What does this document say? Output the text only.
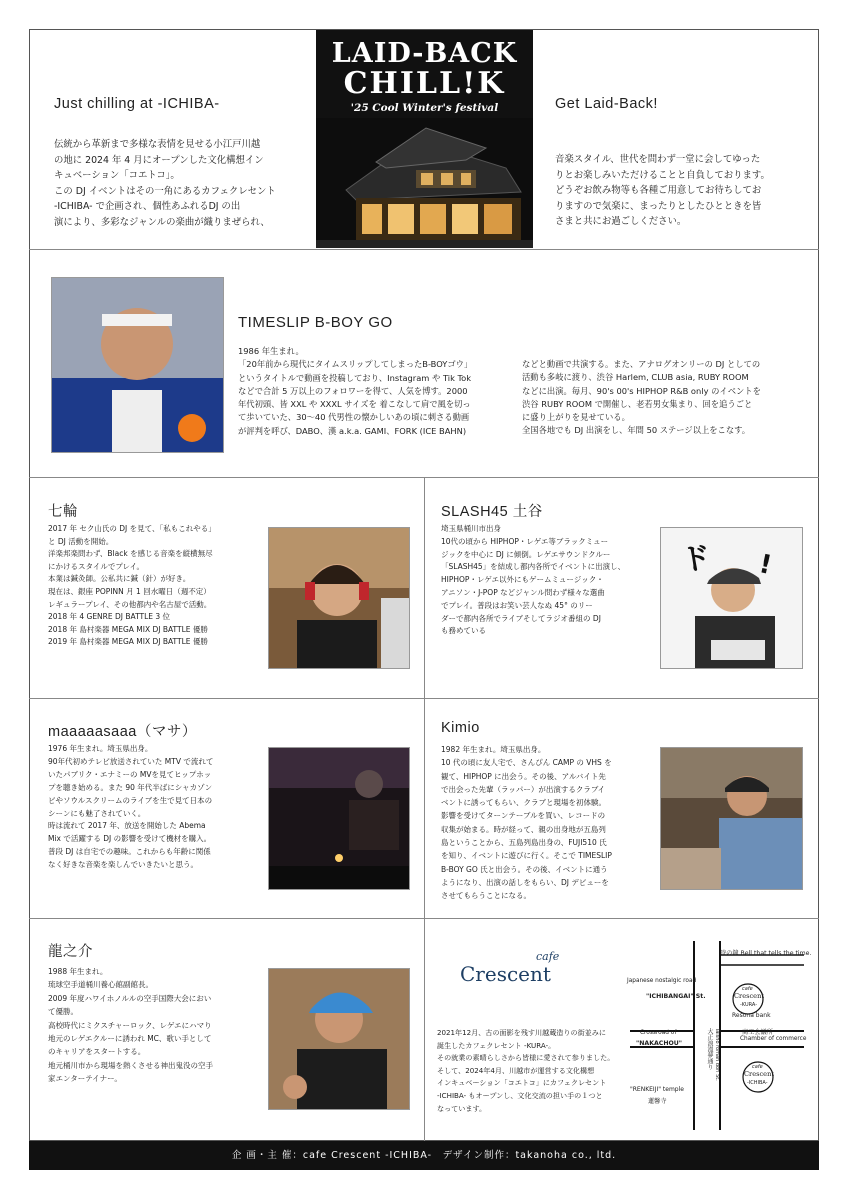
Just chilling at -ICHIBA-
伝統から革新まで多様な表情を見せる小江戸川越
の地に 2024 年 4 月にオープンした文化構想イン
キュベーション「コエトコ」。
この DJ イベントはその一角にあるカフェクレセント
-ICHIBA- で企画され、個性あふれるDJ の出
演により、多彩なジャンルの楽曲が織りまぜられ、
LAID-BACK
CHILL!K
'25 Cool Winter's festival	Get Laid-Back!
音楽スタイル、世代を問わず一堂に会してゆった
りとお楽しみいただけることと自負しております。
どうぞお飲み物等も各種ご用意してお待ちしてお
りますので気楽に、まったりとしたひとときを皆
さまと共にお過ごしください。
TIMESLIP B-BOY GO
1986 年生まれ。
「20年前から現代にタイムスリップしてしまったB-BOYゴウ」
というタイトルで動画を投稿しており、Instagram や Tik Tok
などで合計 5 万以上のフォロワーを得て、人気を博す。2000
年代初頭、皆 XXL や XXXL サイズを 着こなして肩で風を切っ
て歩いていた、30〜40 代男性の懐かしいあの頃に刺さる動画
が評判を呼び、DABO、漢 a.k.a. GAMI、FORK (ICE BAHN)
などと動画で共演する。また、アナログオンリーの DJ としての
活動も多岐に渡り、渋谷 Harlem, CLUB asia, RUBY ROOM
などに出演。毎月、90's 00's HIPHOP R&B only のイベントを
渋谷 RUBY ROOM で開催し、老若男女集まり、回を追うごと
に盛り上がりを見せている。
全国各地でも DJ 出演をし、年間 50 ステージ以上をこなす。
七輪
2017 年 セク山氏の DJ を見て、「私もこれやる」
と DJ 活動を開始。
洋楽邦楽問わず、Black を感じる音楽を縦横無尽
にかけるスタイルでプレイ。
本業は鍼灸師。公私共に鍼（針）が好き。
現在は、銀座 POPINN 月 1 回水曜日（週不定）
レギュラープレイ、その他都内や名古屋で活動。
2018 年 4 GENRE DJ BATTLE 3 位
2018 年 島村楽器 MEGA MIX DJ BATTLE 優勝
2019 年 島村楽器 MEGA MIX DJ BATTLE 優勝
SLASH45 土谷
埼玉県桶川市出身
10代の頃から HIPHOP・レゲエ等ブラックミュー
ジックを中心に DJ に傾倒。レゲエサウンドクルー
「SLASH45」を結成し都内各所でイベントに出演し、
HIPHOP・レゲエ以外にもゲームミュージック・
アニソン・J-POP などジャンル問わず様々な選曲
でプレイ。普段はお笑い芸人なぬ 45° のリー
ダーで都内各所でライブそしてラジオ番組の DJ
も務めている
ド !
maaaaasaaa（マサ）
1976 年生まれ。埼玉県出身。
90年代初めテレビ放送されていた MTV で流れて
いたパブリク・エナミーの MVを見てヒップホッ
プを聴き始める。また 90 年代半ばにシャカゾン
ビやソウルスクリームのライブを生で見て日本の
シーンにも魅了されていく。
時は流れて 2017 年、放送を開始した Abema
Mix で活躍する DJ の影響を受けて機材を購入。
普段 DJ は自宅での趣味。これからも年齢に関係
なく好きな音楽を楽しんでいきたいと思う。
Kimio
1982 年生まれ。埼玉県出身。
10 代の頃に友人宅で、さんぴん CAMP の VHS を
観て、HIPHOP に出会う。その後、アルバイト先
で出会った先輩（ラッパー）が出演するクラブイ
ベントに誘ってもらい、クラブと現場を初体験。
影響を受けてターンテーブルを買い、レコードの
収集が始まる。時が経って、親の出身地が五島列
島ということから、五島列島出身の、FUJI510 氏
を知り、イベントに遊びに行く。そこで TIMESLIP
B-BOY GO 氏と出会う。その後、イベントに通う
ようになり、出演の話しをもらい、DJ デビューを
させてもらうことになる。
龍之介
1988 年生まれ。
琉球空手道桶川養心館副館長。
2009 年度ハワイホノルルの空手国際大会におい
て優勝。
高校時代にミクスチャーロック、レゲエにハマり
地元のレゲエクルーに誘われ MC、歌い手として
のキャリアをスタートする。
地元桶川市から現場を熱くさせる神出鬼没の空手
家エンターテイナー。
cafe
Crescent
2021年12月、古の面影を残す川越蔵造りの街並みに
誕生したカフェクレセント -KURA-。
その就業の素晴らしさから皆様に愛されて参りました。
そして、2024年4月、川越市が運営する文化構想
インキュベーション「コエトコ」にカフェクレセント
-ICHIBA- もオープンし、文化交流の担い手の１つと
なっています。
時の鐘 Bell that tells the time.
Japanese nostalgic road
"ICHIBANGAI" St.
cafe
Crescent
-KURA-
Resona bank
商工会議所
Chamber of commerce
Crossroad of
"NAKACHOU"	大正浪漫夢通り Taisho roman dori St.	cafe
Crescent
-ICHIBA-
"RENKEIJI" temple
蓮馨寺
企 画・主 催：cafe Crescent -ICHIBA-　デザイン制作：takanoha co., ltd.
